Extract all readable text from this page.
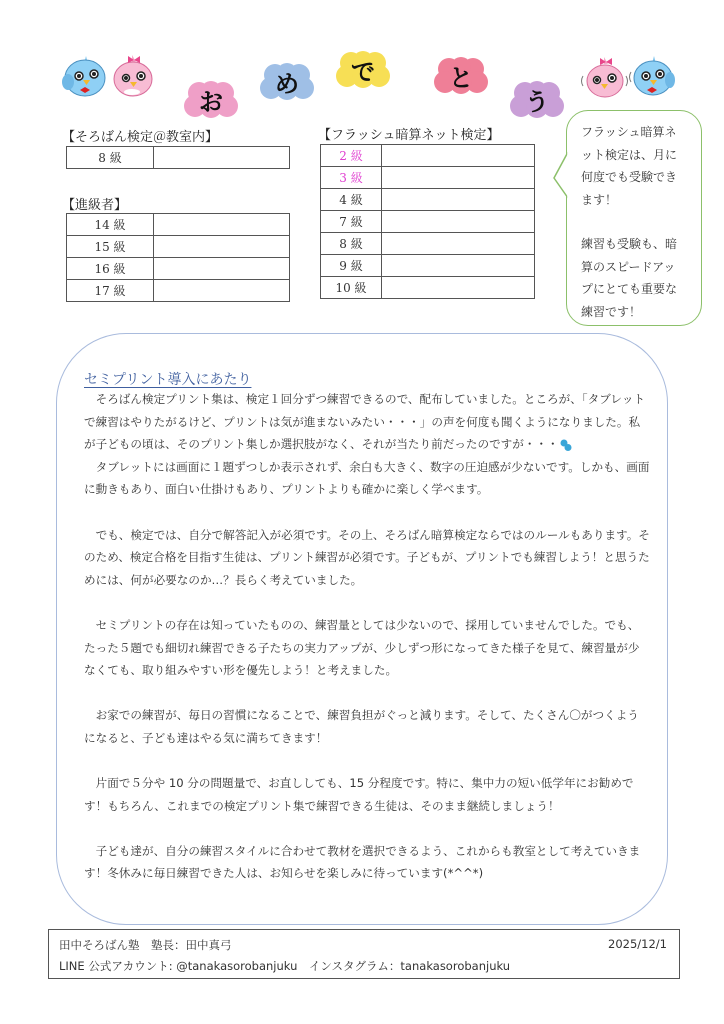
お
め	で	と
う
【そろばん検定＠教室内】
8 級	
【進級者】
14 級	
15 級	
16 級	
17 級	
【フラッシュ暗算ネット検定】
2 級	
3 級	
4 級	
7 級	
8 級	
9 級	
10 級	

フラッシュ暗算ネ

ット検定は、月に

何度でも受験でき

ます！

練習も受験も、暗

算のスピードアッ

プにとても重要な

練習です！

セミプリント導入にあたり

そろばん検定プリント集は、検定１回分ずつ練習できるので、配布していました。ところが、「タブレットで練習はやりたがるけど、プリントは気が進まないみたい・・・」の声を何度も聞くようになりました。私が子どもの頃は、そのプリント集しか選択肢がなく、それが当たり前だったのですが・・・

タブレットには画面に１題ずつしか表示されず、余白も大きく、数字の圧迫感が少ないです。しかも、画面に動きもあり、面白い仕掛けもあり、プリントよりも確かに楽しく学べます。

でも、検定では、自分で解答記入が必須です。その上、そろばん暗算検定ならではのルールもあります。そのため、検定合格を目指す生徒は、プリント練習が必須です。子どもが、プリントでも練習しよう！と思うためには、何が必要なのか…？長らく考えていました。

セミプリントの存在は知っていたものの、練習量としては少ないので、採用していませんでした。でも、たった５題でも細切れ練習できる子たちの実力アップが、少しずつ形になってきた様子を見て、練習量が少なくても、取り組みやすい形を優先しよう！と考えました。

お家での練習が、毎日の習慣になることで、練習負担がぐっと減ります。そして、たくさん〇がつくようになると、子ども達はやる気に満ちてきます！

片面で５分や 10 分の問題量で、お直ししても、15 分程度です。特に、集中力の短い低学年にお勧めです！もちろん、これまでの検定プリント集で練習できる生徒は、そのまま継続しましょう！

子ども達が、自分の練習スタイルに合わせて教材を選択できるよう、これからも教室として考えていきます！冬休みに毎日練習できた人は、お知らせを楽しみに待っています(*^^*)

田中そろばん塾　塾長：田中真弓	2025/12/1
LINE 公式アカウント: @tanakasorobanjuku　インスタグラム：tanakasorobanjuku
